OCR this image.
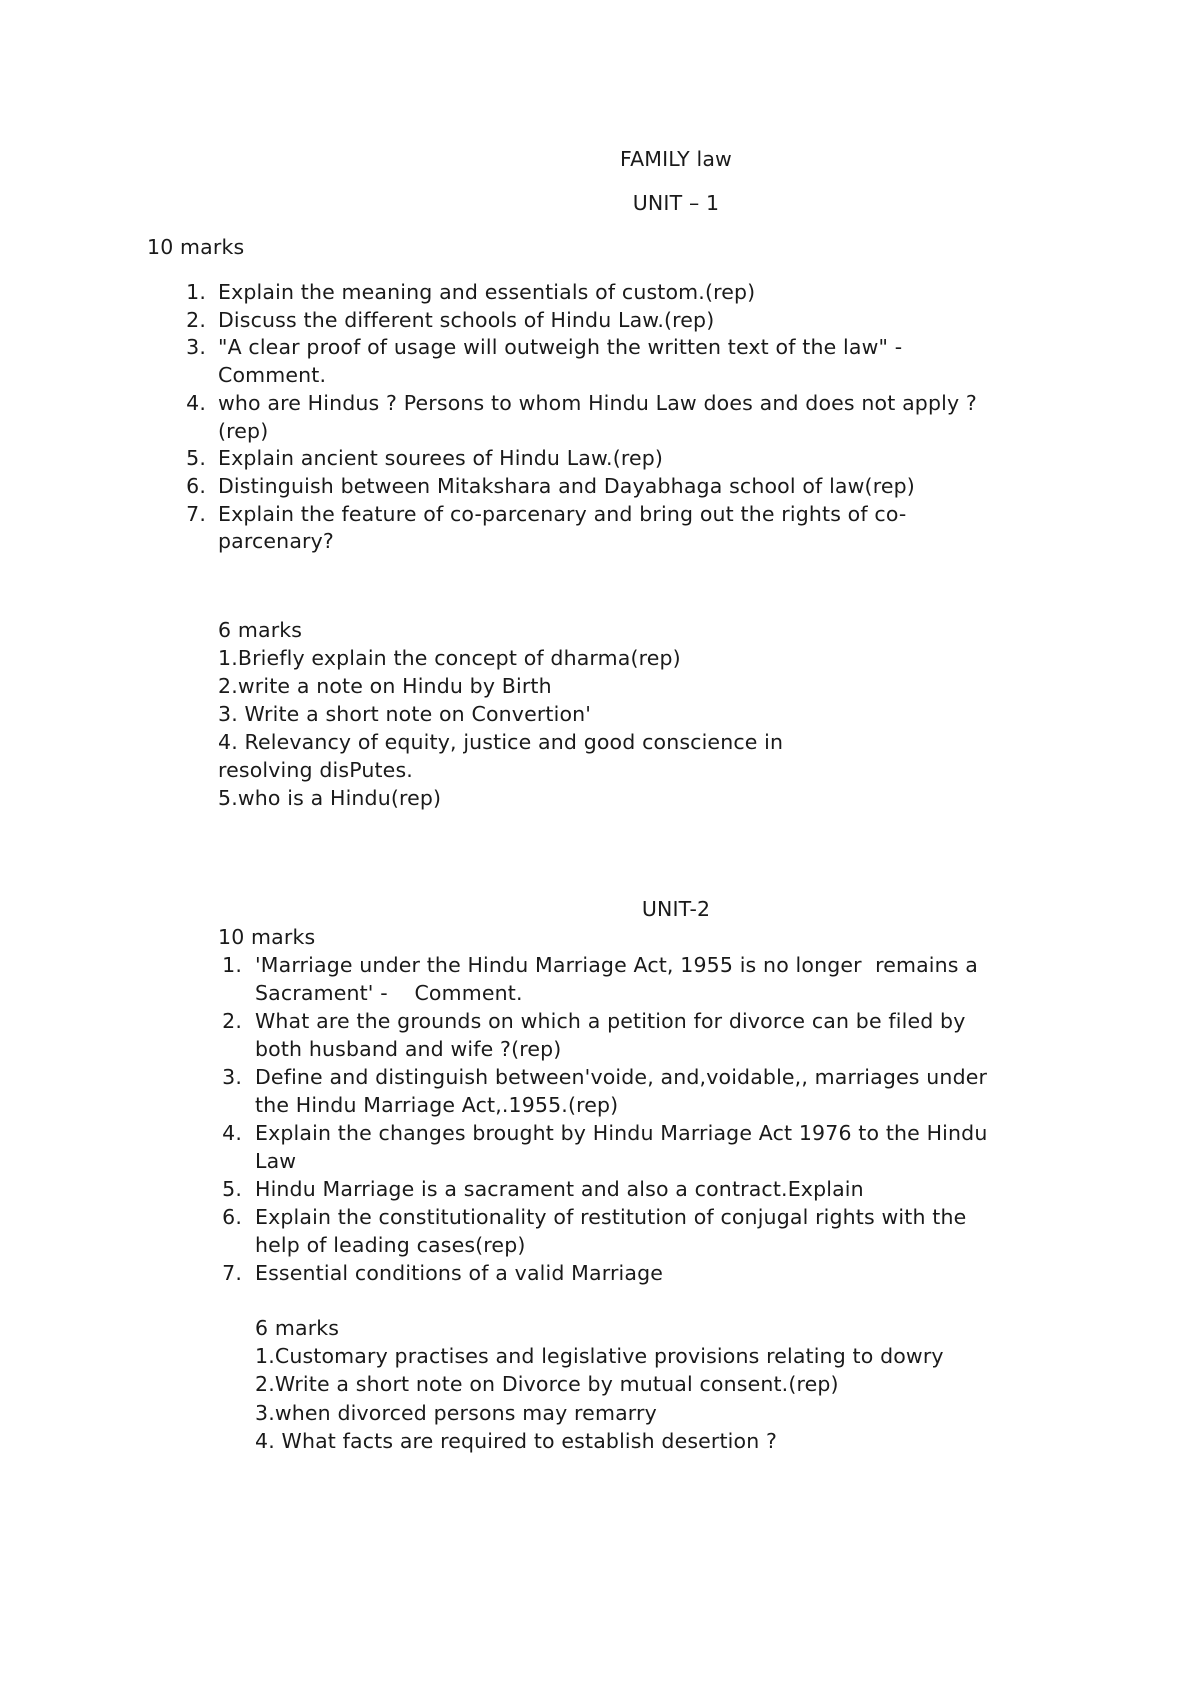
FAMILY law
UNIT – 1
10 marks
1. Explain the meaning and essentials of custom.(rep)
2. Discuss the different schools of Hindu Law.(rep)
3. "A clear proof of usage will outweigh the written text of the law" -
Comment.
4. who are Hindus ? Persons to whom Hindu Law does and does not apply ?
(rep)
5. Explain ancient sourees of Hindu Law.(rep)
6. Distinguish between Mitakshara and Dayabhaga school of law(rep)
7. Explain the feature of co-parcenary and bring out the rights of co-
parcenary?
6 marks
1.Briefly explain the concept of dharma(rep)
2.write a note on Hindu by Birth
3. Write a short note on Convertion'
4. Relevancy of equity, justice and good conscience in
resolving disPutes.
5.who is a Hindu(rep)
UNIT-2
10 marks
1. 'Marriage under the Hindu Marriage Act, 1955 is no longer  remains a
Sacrament' -    Comment.
2. What are the grounds on which a petition for divorce can be filed by
both husband and wife ?(rep)
3. Define and distinguish between'voide, and,voidable,, marriages under
the Hindu Marriage Act,.1955.(rep)
4. Explain the changes brought by Hindu Marriage Act 1976 to the Hindu
Law
5. Hindu Marriage is a sacrament and also a contract.Explain
6. Explain the constitutionality of restitution of conjugal rights with the
help of leading cases(rep)
7. Essential conditions of a valid Marriage
6 marks
1.Customary practises and legislative provisions relating to dowry
2.Write a short note on Divorce by mutual consent.(rep)
3.when divorced persons may remarry
4. What facts are required to establish desertion ?
